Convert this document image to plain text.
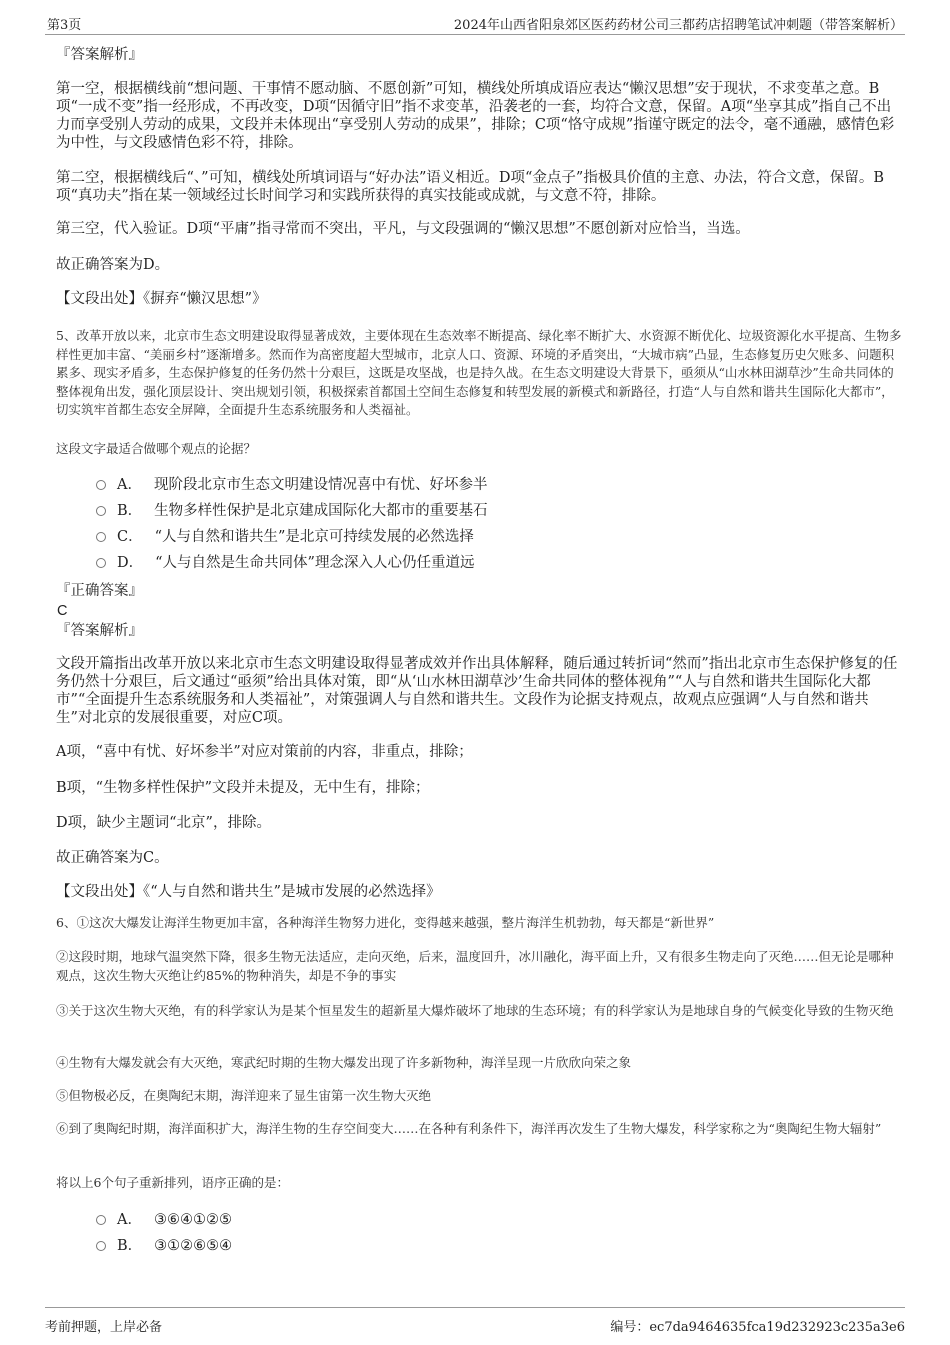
第3页	2024年山西省阳泉郊区医药药材公司三都药店招聘笔试冲刺题（带答案解析）

『答案解析』

第一空，根据横线前“想问题、干事情不愿动脑、不愿创新”可知，横线处所填成语应表达“懒汉思想”安于现状，不求变革之意。B项“一成不变”指一经形成，不再改变，D项“因循守旧”指不求变革，沿袭老的一套，均符合文意，保留。A项“坐享其成”指自己不出力而享受别人劳动的成果，文段并未体现出“享受别人劳动的成果”，排除；C项“恪守成规”指谨守既定的法令，毫不通融，感情色彩为中性，与文段感情色彩不符，排除。

第二空，根据横线后“、”可知，横线处所填词语与“好办法”语义相近。D项“金点子”指极具价值的主意、办法，符合文意，保留。B项“真功夫”指在某一领域经过长时间学习和实践所获得的真实技能或成就，与文意不符，排除。

第三空，代入验证。D项“平庸”指寻常而不突出，平凡，与文段强调的“懒汉思想”不愿创新对应恰当，当选。

故正确答案为D。

【文段出处】《摒弃“懒汉思想”》

5、改革开放以来，北京市生态文明建设取得显著成效，主要体现在生态效率不断提高、绿化率不断扩大、水资源不断优化、垃圾资源化水平提高、生物多样性更加丰富、“美丽乡村”逐渐增多。然而作为高密度超大型城市，北京人口、资源、环境的矛盾突出，“大城市病”凸显，生态修复历史欠账多、问题积累多、现实矛盾多，生态保护修复的任务仍然十分艰巨，这既是攻坚战，也是持久战。在生态文明建设大背景下，亟须从“山水林田湖草沙”生命共同体的整体视角出发，强化顶层设计、突出规划引领，积极探索首都国土空间生态修复和转型发展的新模式和新路径，打造“人与自然和谐共生国际化大都市”，切实筑牢首都生态安全屏障，全面提升生态系统服务和人类福祉。

这段文字最适合做哪个观点的论据？

A． 现阶段北京市生态文明建设情况喜中有忧、好坏参半
B． 生物多样性保护是北京建成国际化大都市的重要基石
C． “人与自然和谐共生”是北京可持续发展的必然选择
D． “人与自然是生命共同体”理念深入人心仍任重道远

『正确答案』

C

『答案解析』

文段开篇指出改革开放以来北京市生态文明建设取得显著成效并作出具体解释，随后通过转折词“然而”指出北京市生态保护修复的任务仍然十分艰巨，后文通过“亟须”给出具体对策，即“从‘山水林田湖草沙’生命共同体的整体视角”“人与自然和谐共生国际化大都市”“全面提升生态系统服务和人类福祉”，对策强调人与自然和谐共生。文段作为论据支持观点，故观点应强调“人与自然和谐共生”对北京的发展很重要，对应C项。

A项，“喜中有忧、好坏参半”对应对策前的内容，非重点，排除；

B项，“生物多样性保护”文段并未提及，无中生有，排除；

D项，缺少主题词“北京”，排除。

故正确答案为C。

【文段出处】《“人与自然和谐共生”是城市发展的必然选择》

6、①这次大爆发让海洋生物更加丰富，各种海洋生物努力进化，变得越来越强，整片海洋生机勃勃，每天都是“新世界”

②这段时期，地球气温突然下降，很多生物无法适应，走向灭绝，后来，温度回升，冰川融化，海平面上升，又有很多生物走向了灭绝……但无论是哪种观点，这次生物大灭绝让约85%的物种消失，却是不争的事实

③关于这次生物大灭绝，有的科学家认为是某个恒星发生的超新星大爆炸破坏了地球的生态环境；有的科学家认为是地球自身的气候变化导致的生物灭绝

④生物有大爆发就会有大灭绝，寒武纪时期的生物大爆发出现了许多新物种，海洋呈现一片欣欣向荣之象

⑤但物极必反，在奥陶纪末期，海洋迎来了显生宙第一次生物大灭绝

⑥到了奥陶纪时期，海洋面积扩大，海洋生物的生存空间变大……在各种有利条件下，海洋再次发生了生物大爆发，科学家称之为“奥陶纪生物大辐射”

将以上6个句子重新排列，语序正确的是：

A． ③⑥④①②⑤
B． ③①②⑥⑤④
考前押题，上岸必备	编号：ec7da9464635fca19d232923c235a3e6
